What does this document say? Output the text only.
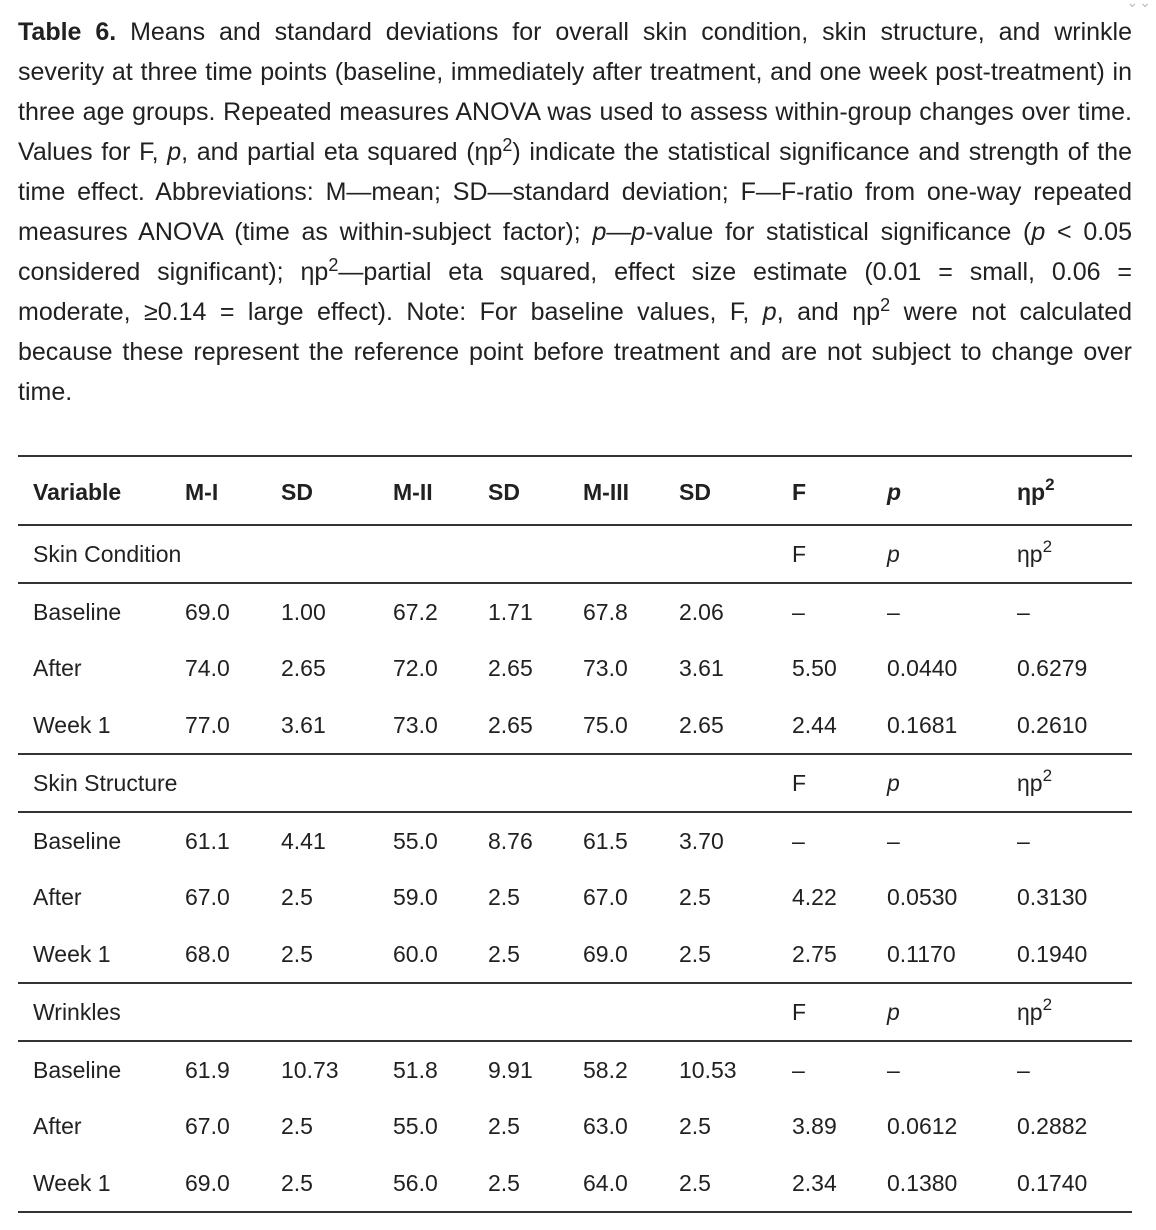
⌄⌄

Table 6. Means and standard deviations for overall skin condition, skin structure, and wrinkle severity at three time points (baseline, immediately after treatment, and one week post-treatment) in three age groups. Repeated measures ANOVA was used to assess within-group changes over time. Values for F, p, and partial eta squared $(\eta p^2)$ indicate the statistical significance and strength of the time effect. Abbreviations: M—mean; SD—standard deviation; F—F-ratio from one-way repeated measures ANOVA (time as within-subject factor); p—p-value for statistical significance (p < 0.05 considered significant); $\eta p^2—partial$ eta squared, effect size estimate (0.01 = small, 0.06 = moderate, ≥0.14 = large effect). Note: For baseline values, F, p, and $\eta p^2$ were not calculated because these represent the reference point before treatment and are not subject to change over time.

Variable	M-I	SD	M-II	SD	M-III	SD	F	p	$\eta p^2$
Skin Condition							F	p	$\eta p^2$
Baseline	69.0	1.00	67.2	1.71	67.8	2.06	–	–	–
After	74.0	2.65	72.0	2.65	73.0	3.61	5.50	0.0440	0.6279
Week 1	77.0	3.61	73.0	2.65	75.0	2.65	2.44	0.1681	0.2610
Skin Structure							F	p	$\eta p^2$
Baseline	61.1	4.41	55.0	8.76	61.5	3.70	–	–	–
After	67.0	2.5	59.0	2.5	67.0	2.5	4.22	0.0530	0.3130
Week 1	68.0	2.5	60.0	2.5	69.0	2.5	2.75	0.1170	0.1940
Wrinkles							F	p	$\eta p^2$
Baseline	61.9	10.73	51.8	9.91	58.2	10.53	–	–	–
After	67.0	2.5	55.0	2.5	63.0	2.5	3.89	0.0612	0.2882
Week 1	69.0	2.5	56.0	2.5	64.0	2.5	2.34	0.1380	0.1740
